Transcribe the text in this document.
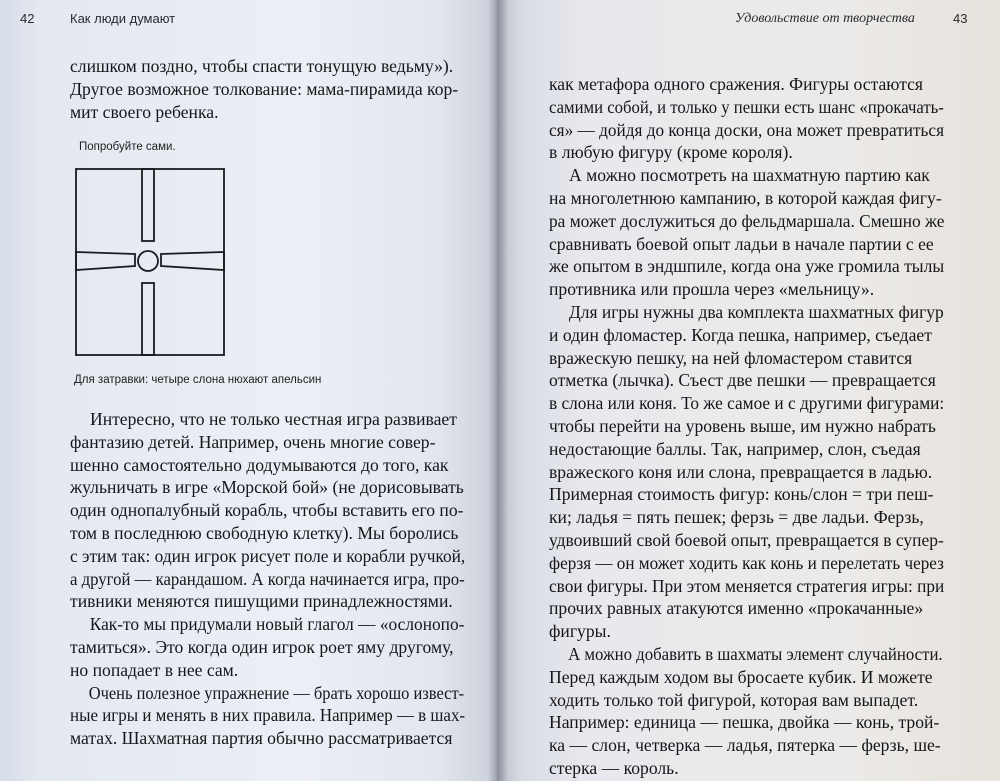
42	Как люди думают
слишком поздно, чтобы спасти тонущую ведьму»).
Другое возможное толкование: мама-пирамида кор-
мит своего ребенка.
Попробуйте сами.
Для затравки: четыре слона нюхают апельсин
Интересно, что не только честная игра развивает
фантазию детей. Например, очень многие совер-
шенно самостоятельно додумываются до того, как
жульничать в игре «Морской бой» (не дорисовывать
один однопалубный корабль, чтобы вставить его по-
том в последнюю свободную клетку). Мы боролись
с этим так: один игрок рисует поле и корабли ручкой,
а другой — карандашом. А когда начинается игра, про-
тивники меняются пишущими принадлежностями.
Как-то мы придумали новый глагол — «ослонопо-
тамиться». Это когда один игрок роет яму другому,
но попадает в нее сам.
Очень полезное упражнение — брать хорошо извест-
ные игры и менять в них правила. Например — в шах-
матах. Шахматная партия обычно рассматривается
Удовольствие от творчества	43
как метафора одного сражения. Фигуры остаются
самими собой, и только у пешки есть шанс «прокачать-
ся» — дойдя до конца доски, она может превратиться
в любую фигуру (кроме короля).
А можно посмотреть на шахматную партию как
на многолетнюю кампанию, в которой каждая фигу-
ра может дослужиться до фельдмаршала. Смешно же
сравнивать боевой опыт ладьи в начале партии с ее
же опытом в эндшпиле, когда она уже громила тылы
противника или прошла через «мельницу».
Для игры нужны два комплекта шахматных фигур
и один фломастер. Когда пешка, например, съедает
вражескую пешку, на ней фломастером ставится
отметка (лычка). Съест две пешки — превращается
в слона или коня. То же самое и с другими фигурами:
чтобы перейти на уровень выше, им нужно набрать
недостающие баллы. Так, например, слон, съедая
вражеского коня или слона, превращается в ладью.
Примерная стоимость фигур: конь/слон = три пеш-
ки; ладья = пять пешек; ферзь = две ладьи. Ферзь,
удвоивший свой боевой опыт, превращается в супер-
ферзя — он может ходить как конь и перелетать через
свои фигуры. При этом меняется стратегия игры: при
прочих равных атакуются именно «прокачанные»
фигуры.
А можно добавить в шахматы элемент случайности.
Перед каждым ходом вы бросаете кубик. И можете
ходить только той фигурой, которая вам выпадет.
Например: единица — пешка, двойка — конь, трой-
ка — слон, четверка — ладья, пятерка — ферзь, ше-
стерка — король.
